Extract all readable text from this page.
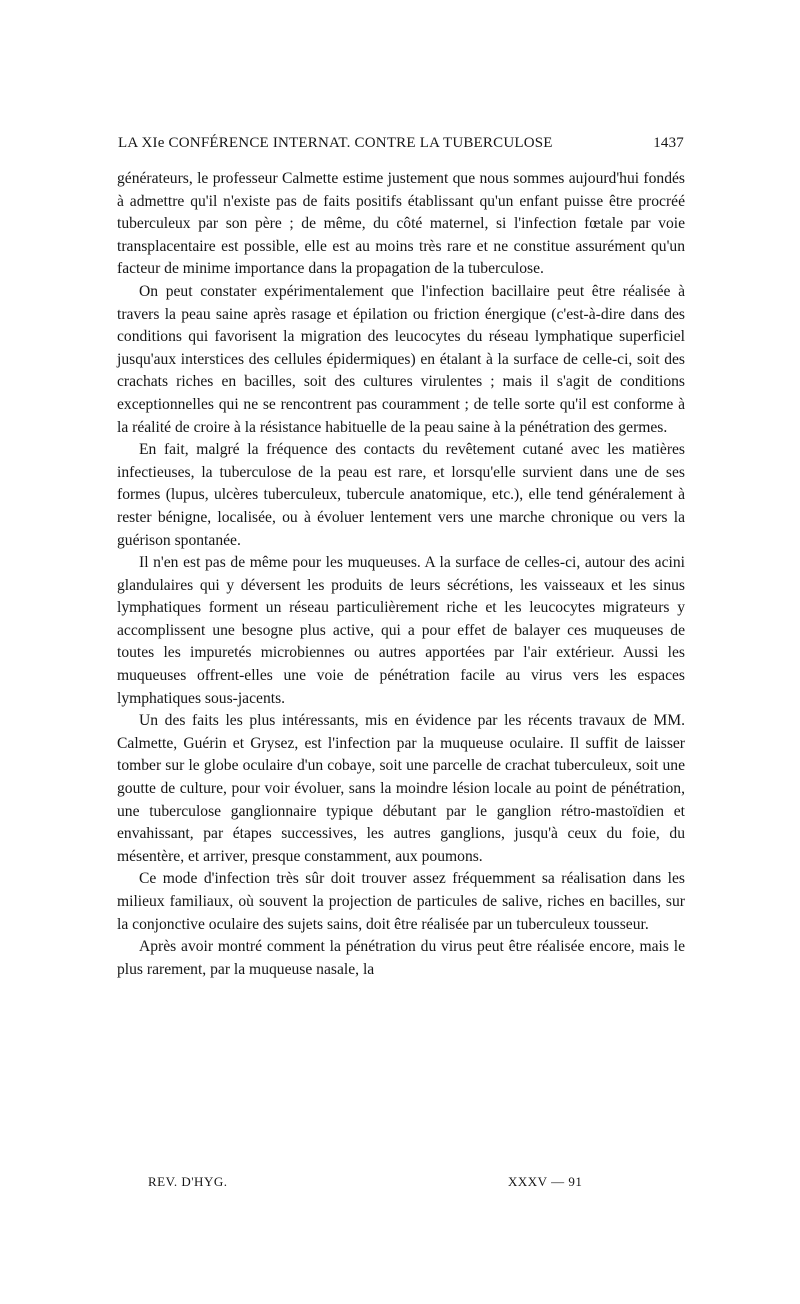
LA XIe CONFÉRENCE INTERNAT. CONTRE LA TUBERCULOSE	1437

générateurs, le professeur Calmette estime justement que nous sommes aujourd'hui fondés à admettre qu'il n'existe pas de faits positifs établissant qu'un enfant puisse être procréé tuberculeux par son père ; de même, du côté maternel, si l'infection fœtale par voie transplacentaire est possible, elle est au moins très rare et ne constitue assurément qu'un facteur de minime importance dans la propagation de la tuberculose.

On peut constater expérimentalement que l'infection bacillaire peut être réalisée à travers la peau saine après rasage et épilation ou friction énergique (c'est-à-dire dans des conditions qui favorisent la migration des leucocytes du réseau lymphatique superficiel jusqu'aux interstices des cellules épidermiques) en étalant à la surface de celle-ci, soit des crachats riches en bacilles, soit des cultures virulentes ; mais il s'agit de conditions exceptionnelles qui ne se rencontrent pas couramment ; de telle sorte qu'il est conforme à la réalité de croire à la résistance habituelle de la peau saine à la pénétration des germes.

En fait, malgré la fréquence des contacts du revêtement cutané avec les matières infectieuses, la tuberculose de la peau est rare, et lorsqu'elle survient dans une de ses formes (lupus, ulcères tuberculeux, tubercule anatomique, etc.), elle tend généralement à rester bénigne, localisée, ou à évoluer lentement vers une marche chronique ou vers la guérison spontanée.

Il n'en est pas de même pour les muqueuses. A la surface de celles-ci, autour des acini glandulaires qui y déversent les produits de leurs sécrétions, les vaisseaux et les sinus lymphatiques forment un réseau particulièrement riche et les leucocytes migrateurs y accomplissent une besogne plus active, qui a pour effet de balayer ces muqueuses de toutes les impuretés microbiennes ou autres apportées par l'air extérieur. Aussi les muqueuses offrent-elles une voie de pénétration facile au virus vers les espaces lymphatiques sous-jacents.

Un des faits les plus intéressants, mis en évidence par les récents travaux de MM. Calmette, Guérin et Grysez, est l'infection par la muqueuse oculaire. Il suffit de laisser tomber sur le globe oculaire d'un cobaye, soit une parcelle de crachat tuberculeux, soit une goutte de culture, pour voir évoluer, sans la moindre lésion locale au point de pénétration, une tuberculose ganglionnaire typique débutant par le ganglion rétro-mastoïdien et envahissant, par étapes successives, les autres ganglions, jusqu'à ceux du foie, du mésentère, et arriver, presque constamment, aux poumons.

Ce mode d'infection très sûr doit trouver assez fréquemment sa réalisation dans les milieux familiaux, où souvent la projection de particules de salive, riches en bacilles, sur la conjonctive oculaire des sujets sains, doit être réalisée par un tuberculeux tousseur.

Après avoir montré comment la pénétration du virus peut être réalisée encore, mais le plus rarement, par la muqueuse nasale, la

REV. D'HYG.	XXXV — 91
